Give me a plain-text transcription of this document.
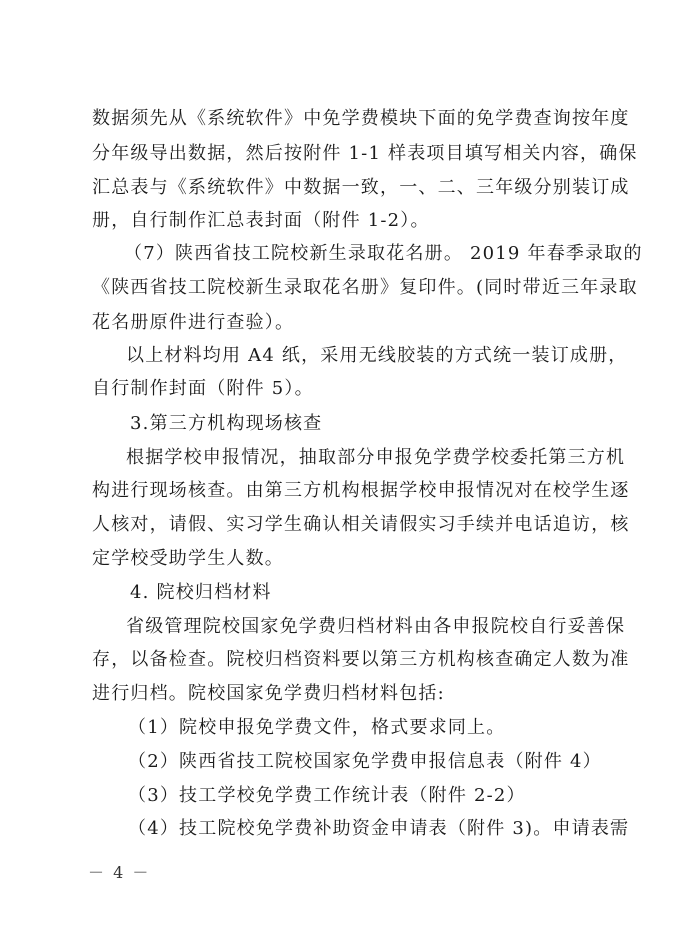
数据须先从《系统软件》中免学费模块下面的免学费查询按年度
分年级导出数据，然后按附件 1-1 样表项目填写相关内容，确保
汇总表与《系统软件》中数据一致，一、二、三年级分别装订成
册，自行制作汇总表封面（附件 1-2）。
（7）陕西省技工院校新生录取花名册。 2019 年春季录取的
《陕西省技工院校新生录取花名册》复印件。(同时带近三年录取
花名册原件进行查验）。
以上材料均用 A4 纸，采用无线胶装的方式统一装订成册，
自行制作封面（附件 5）。
3.第三方机构现场核查
根据学校申报情况，抽取部分申报免学费学校委托第三方机
构进行现场核查。由第三方机构根据学校申报情况对在校学生逐
人核对，请假、实习学生确认相关请假实习手续并电话追访，核
定学校受助学生人数。
4. 院校归档材料
省级管理院校国家免学费归档材料由各申报院校自行妥善保
存，以备检查。院校归档资料要以第三方机构核查确定人数为准
进行归档。院校国家免学费归档材料包括:
（1）院校申报免学费文件，格式要求同上。
（2）陕西省技工院校国家免学费申报信息表（附件 4）
（3）技工学校免学费工作统计表（附件 2-2）
（4）技工院校免学费补助资金申请表（附件 3)。申请表需
－ 4 －
